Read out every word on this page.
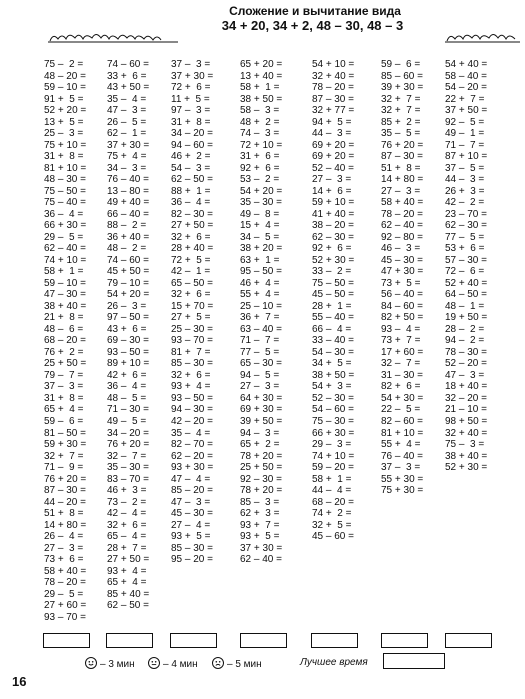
Сложение и вычитание вида
34 + 20, 34 + 2, 48 – 30, 48 – 3
75 –  2 =
48 – 20 =
59 – 10 =
91 +  5 =
52 + 20 =
13 +  5 =
25 –  3 =
75 + 10 =
31 +  8 =
81 + 10 =
48 – 30 =
75 – 50 =
75 – 40 =
36 –  4 =
66 + 30 =
29 –  5 =
62 – 40 =
74 + 10 =
58 +  1 =
59 – 10 =
47 – 30 =
38 + 40 =
21 +  8 =
48 –  6 =
68 – 20 =
76 +  2 =
25 + 50 =
79 –  7 =
37 –  3 =
31 +  8 =
65 +  4 =
59 –  6 =
81 – 50 =
59 + 30 =
32 +  7 =
71 –  9 =
76 + 20 =
87 – 30 =
44 – 20 =
51 +  8 =
14 + 80 =
26 –  4 =
27 –  3 =
73 +  6 =
58 + 40 =
78 – 20 =
29 –  5 =
27 + 60 =
93 – 70 =
74 – 60 =
33 +  6 =
43 + 50 =
35 –  4 =
47 –  3 =
26 –  5 =
62 –  1 =
37 + 30 =
75 +  4 =
34 –  3 =
76 – 40 =
13 – 80 =
49 + 40 =
66 – 40 =
88 –  2 =
36 + 40 =
48 –  2 =
74 – 60 =
45 + 50 =
79 – 10 =
54 + 20 =
26 –  3 =
97 – 50 =
43 +  6 =
69 – 30 =
93 – 50 =
89 + 10 =
42 +  6 =
36 –  4 =
48 –  5 =
71 – 30 =
49 –  5 =
34 – 20 =
76 + 20 =
32 –  7 =
35 – 30 =
83 – 70 =
46 +  3 =
73 –  2 =
42 –  4 =
32 +  6 =
65 –  4 =
28 +  7 =
27 + 50 =
93 +  4 =
65 +  4 =
85 + 40 =
62 – 50 =
37 –  3 =
37 + 30 =
72 +  6 =
11 +  5 =
97 –  3 =
31 +  8 =
34 – 20 =
94 – 60 =
46 +  2 =
54 –  3 =
62 – 50 =
88 +  1 =
36 –  4 =
82 – 30 =
27 + 50 =
32 +  6 =
28 + 40 =
72 +  5 =
42 –  1 =
65 – 50 =
32 +  6 =
15 + 70 =
27 +  5 =
25 – 30 =
93 – 70 =
81 +  7 =
85 – 30 =
32 +  6 =
93 +  4 =
93 – 50 =
94 – 30 =
42 – 20 =
35 –  4 =
82 – 70 =
62 – 20 =
93 + 30 =
47 –  4 =
85 – 20 =
47 –  3 =
45 – 30 =
27 –  4 =
93 +  5 =
85 – 30 =
95 – 20 =
65 + 20 =
13 + 40 =
58 +  1 =
38 + 50 =
58 –  3 =
48 +  2 =
74 –  3 =
72 + 10 =
31 +  6 =
92 +  6 =
53 –  2 =
54 + 20 =
35 – 30 =
49 –  8 =
15 +  4 =
34 –  5 =
38 + 20 =
63 +  1 =
95 – 50 =
46 +  4 =
55 +  4 =
25 – 10 =
36 +  7 =
63 – 40 =
71 –  7 =
77 –  5 =
65 – 30 =
94 –  5 =
27 –  3 =
64 + 30 =
69 + 30 =
39 + 50 =
94 –  3 =
65 +  2 =
78 + 20 =
25 + 50 =
92 – 30 =
78 + 20 =
85 –  3 =
62 +  3 =
93 +  7 =
93 +  5 =
37 + 30 =
62 – 40 =
54 + 10 =
32 + 40 =
78 – 20 =
87 – 30 =
32 + 77 =
94 +  5 =
44 –  3 =
69 + 20 =
69 + 20 =
52 – 40 =
27 –  3 =
14 +  6 =
59 + 10 =
41 + 40 =
38 – 20 =
62 – 30 =
92 +  6 =
52 + 30 =
33 –  2 =
75 – 50 =
45 – 50 =
28 +  1 =
55 – 40 =
66 –  4 =
33 – 40 =
54 – 30 =
34 +  5 =
38 + 50 =
54 +  3 =
52 – 30 =
54 – 60 =
75 – 30 =
66 + 30 =
29 –  3 =
74 + 10 =
59 – 20 =
58 +  1 =
44 –  4 =
68 – 20 =
74 +  2 =
32 +  5 =
45 – 60 =
59 –  6 =
85 – 60 =
39 + 30 =
32 +  7 =
32 +  7 =
85 +  2 =
35 –  5 =
76 + 20 =
87 – 30 =
51 +  8 =
14 + 80 =
27 –  3 =
58 + 40 =
78 – 20 =
62 – 40 =
92 – 80 =
46 –  3 =
45 – 30 =
47 + 30 =
73 +  5 =
56 – 40 =
84 – 60 =
82 + 50 =
93 –  4 =
73 +  7 =
17 + 60 =
32 –  7 =
31 – 30 =
82 +  6 =
54 + 30 =
22 –  5 =
82 – 60 =
81 + 10 =
55 +  4 =
76 – 40 =
37 –  3 =
55 + 30 =
75 + 30 =
54 + 40 =
58 – 40 =
54 – 20 =
22 +  7 =
37 + 50 =
92 –  5 =
49 –  1 =
71 –  7 =
87 + 10 =
37 –  5 =
44 –  3 =
26 +  3 =
42 –  2 =
23 – 70 =
62 – 30 =
77 –  5 =
53 +  6 =
57 – 30 =
72 –  6 =
52 + 40 =
64 – 50 =
48 –  1 =
19 + 50 =
28 –  2 =
94 –  2 =
78 – 30 =
52 – 20 =
47 –  3 =
18 + 40 =
32 – 20 =
21 – 10 =
98 + 50 =
32 + 40 =
75 –  3 =
38 + 40 =
52 + 30 =
– 3 мин	– 4 мин	– 5 мин	Лучшее время
16
